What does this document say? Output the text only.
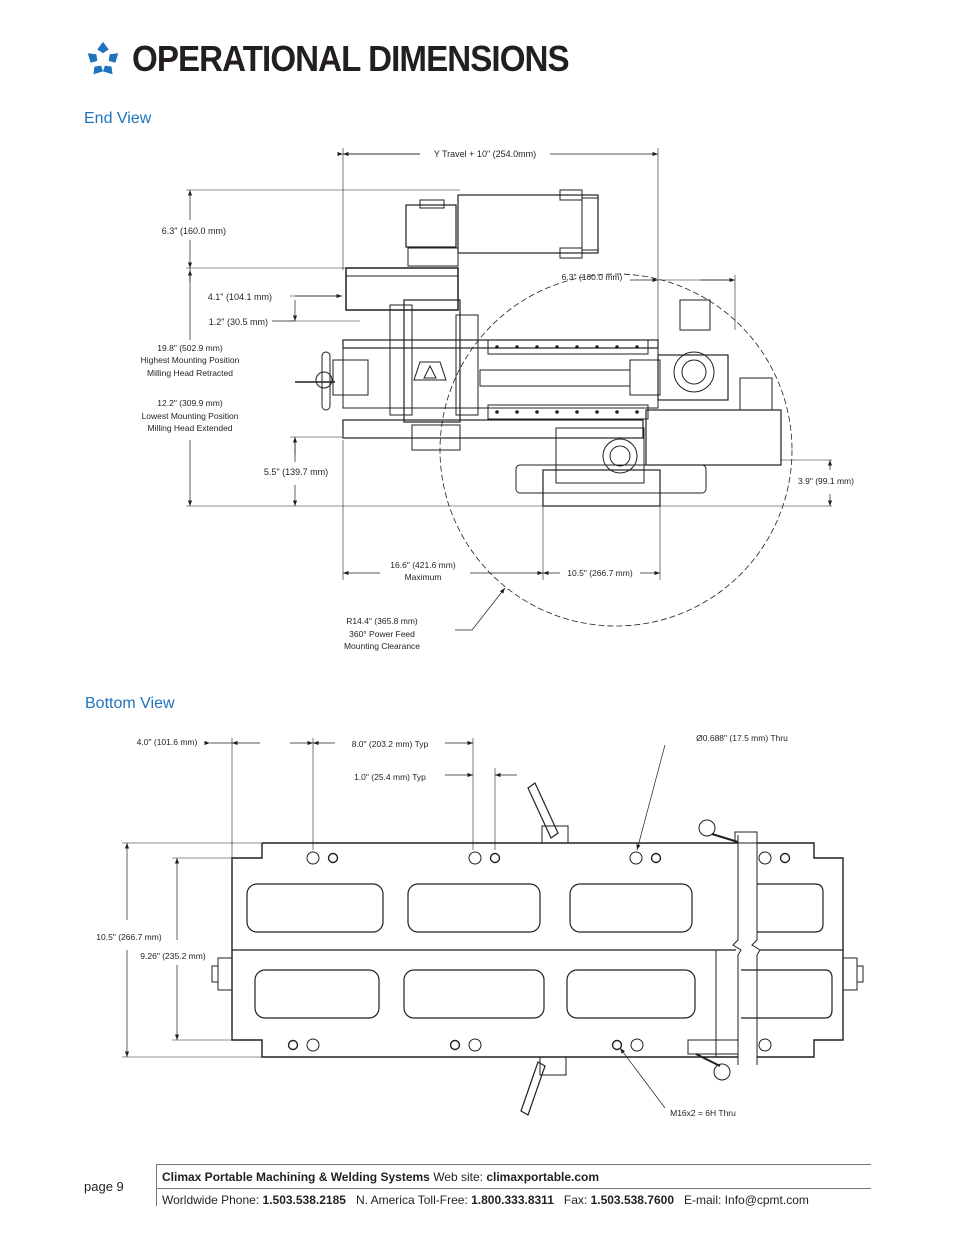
OPERATIONAL DIMENSIONS
End View
Bottom View
Y Travel + 10" (254.0mm)
6.3" (160.0 mm)
6.3" (160.0 mm)
4.1" (104.1 mm)
1.2" (30.5 mm)
19.8" (502.9 mm)
Highest Mounting Position
Milling Head Retracted
12.2" (309.9 mm)
Lowest Mounting Position
Milling Head Extended
5.5" (139.7 mm)
3.9" (99.1 mm)
16.6" (421.6 mm)
Maximum	10.5" (266.7 mm)
R14.4" (365.8 mm)
360° Power Feed
Mounting Clearance
4.0" (101.6 mm)	8.0" (203.2 mm) Typ
1.0" (25.4 mm) Typ
Ø0.688" (17.5 mm) Thru
10.5" (266.7 mm)
9.26" (235.2 mm)
M16x2 = 6H Thru
page 9
Climax Portable Machining & Welding Systems Web site: climaxportable.com
Worldwide Phone: 1.503.538.2185 N. America Toll-Free: 1.800.333.8311 Fax: 1.503.538.7600 E-mail: Info@cpmt.com
